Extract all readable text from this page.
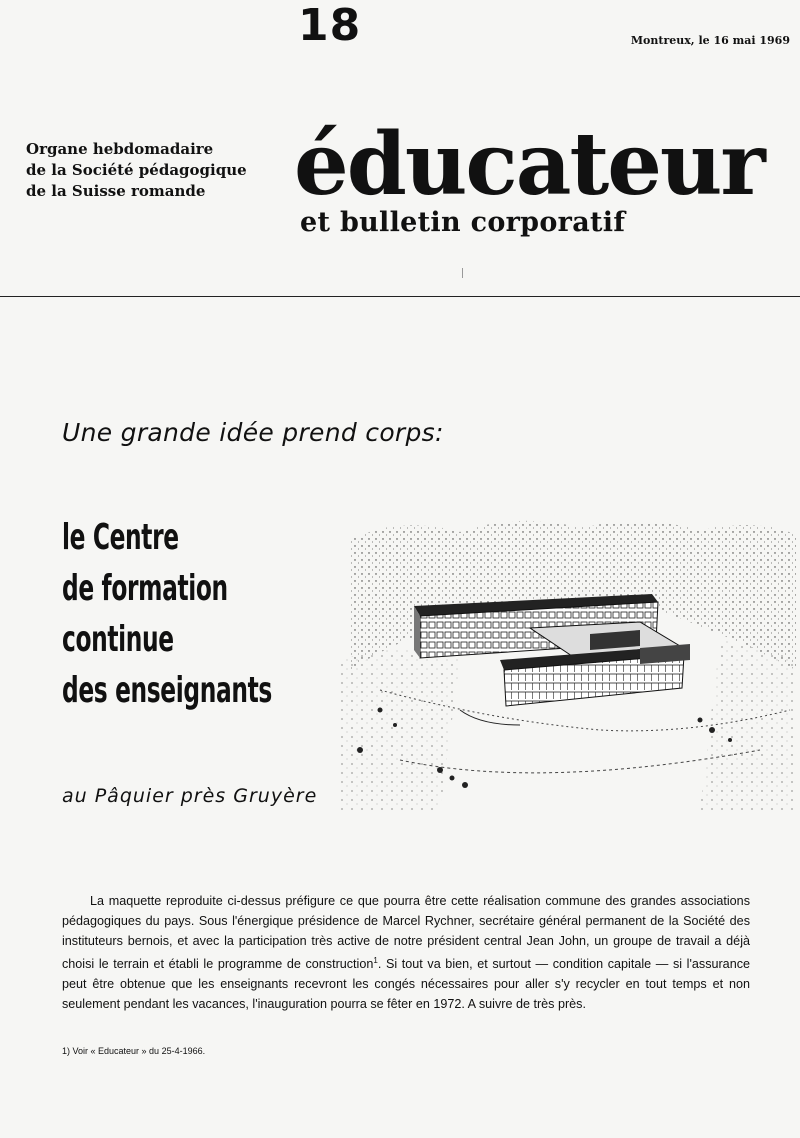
18	Montreux, le 16 mai 1969
Organe hebdomadaire
de la Société pédagogique
de la Suisse romande	éducateur
et bulletin corporatif
Une grande idée prend corps:
le Centre
de formation
continue
des enseignants
au Pâquier près Gruyère

La maquette reproduite ci-dessus préfigure ce que pourra être cette réalisation commune des grandes associations pédagogiques du pays. Sous l'énergique présidence de Marcel Rychner, secrétaire général permanent de la Société des instituteurs bernois, et avec la participation très active de notre président central Jean John, un groupe de travail a déjà choisi le terrain et établi le programme de construction$^1$. Si tout va bien, et surtout — condition capitale — si l'assurance peut être obtenue que les enseignants recevront les congés nécessaires pour aller s'y recycler en tout temps et non seulement pendant les vacances, l'inauguration pourra se fêter en 1972. A suivre de très près.

1) Voir « Educateur » du 25-4-1966.
